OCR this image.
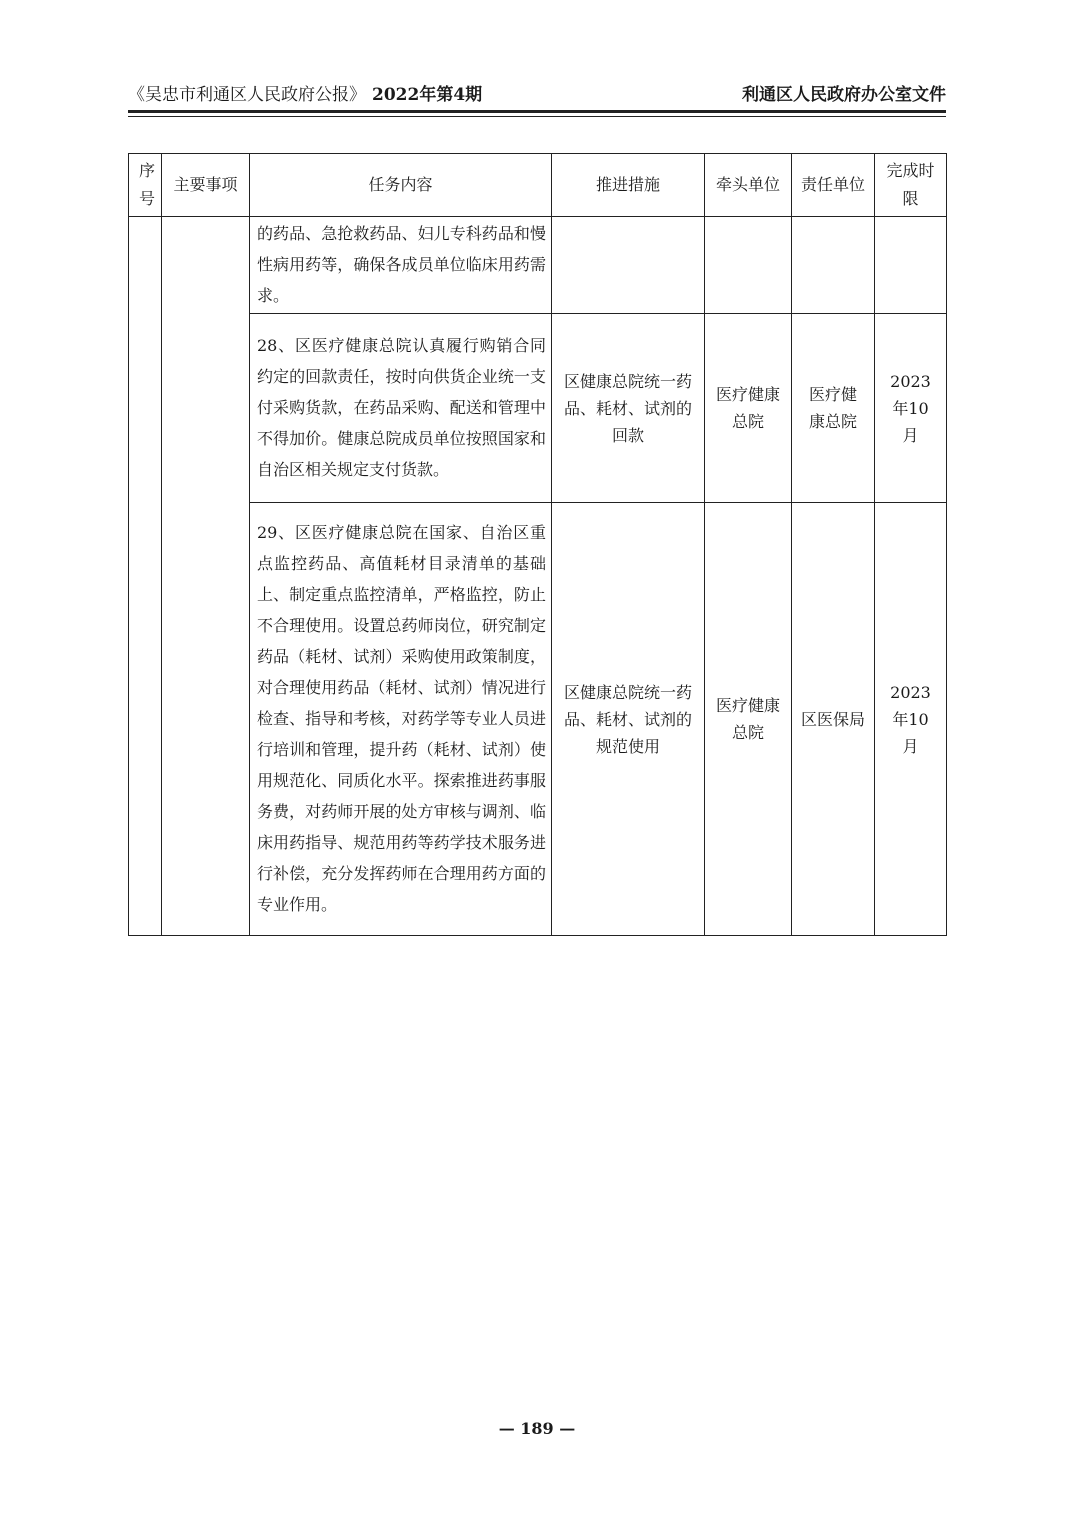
《吴忠市利通区人民政府公报》 2022年第4期	利通区人民政府办公室文件
序号	主要事项	任务内容	推进措施	牵头单位	责任单位	完成时限
		的药品、急抢救药品、妇儿专科药品和慢性病用药等，确保各成员单位临床用药需求。				
		28、区医疗健康总院认真履行购销合同约定的回款责任，按时向供货企业统一支付采购货款，在药品采购、配送和管理中不得加价。健康总院成员单位按照国家和自治区相关规定支付货款。	区健康总院统一药品、耗材、试剂的回款	医疗健康总院	医疗健康总院	2023年10月
		29、区医疗健康总院在国家、自治区重点监控药品、高值耗材目录清单的基础上、制定重点监控清单，严格监控，防止不合理使用。设置总药师岗位，研究制定药品（耗材、试剂）采购使用政策制度，对合理使用药品（耗材、试剂）情况进行检查、指导和考核，对药学等专业人员进行培训和管理，提升药（耗材、试剂）使用规范化、同质化水平。探索推进药事服务费，对药师开展的处方审核与调剂、临床用药指导、规范用药等药学技术服务进行补偿，充分发挥药师在合理用药方面的专业作用。	区健康总院统一药品、耗材、试剂的规范使用	医疗健康总院	区医保局	2023年10月
— 189 —
